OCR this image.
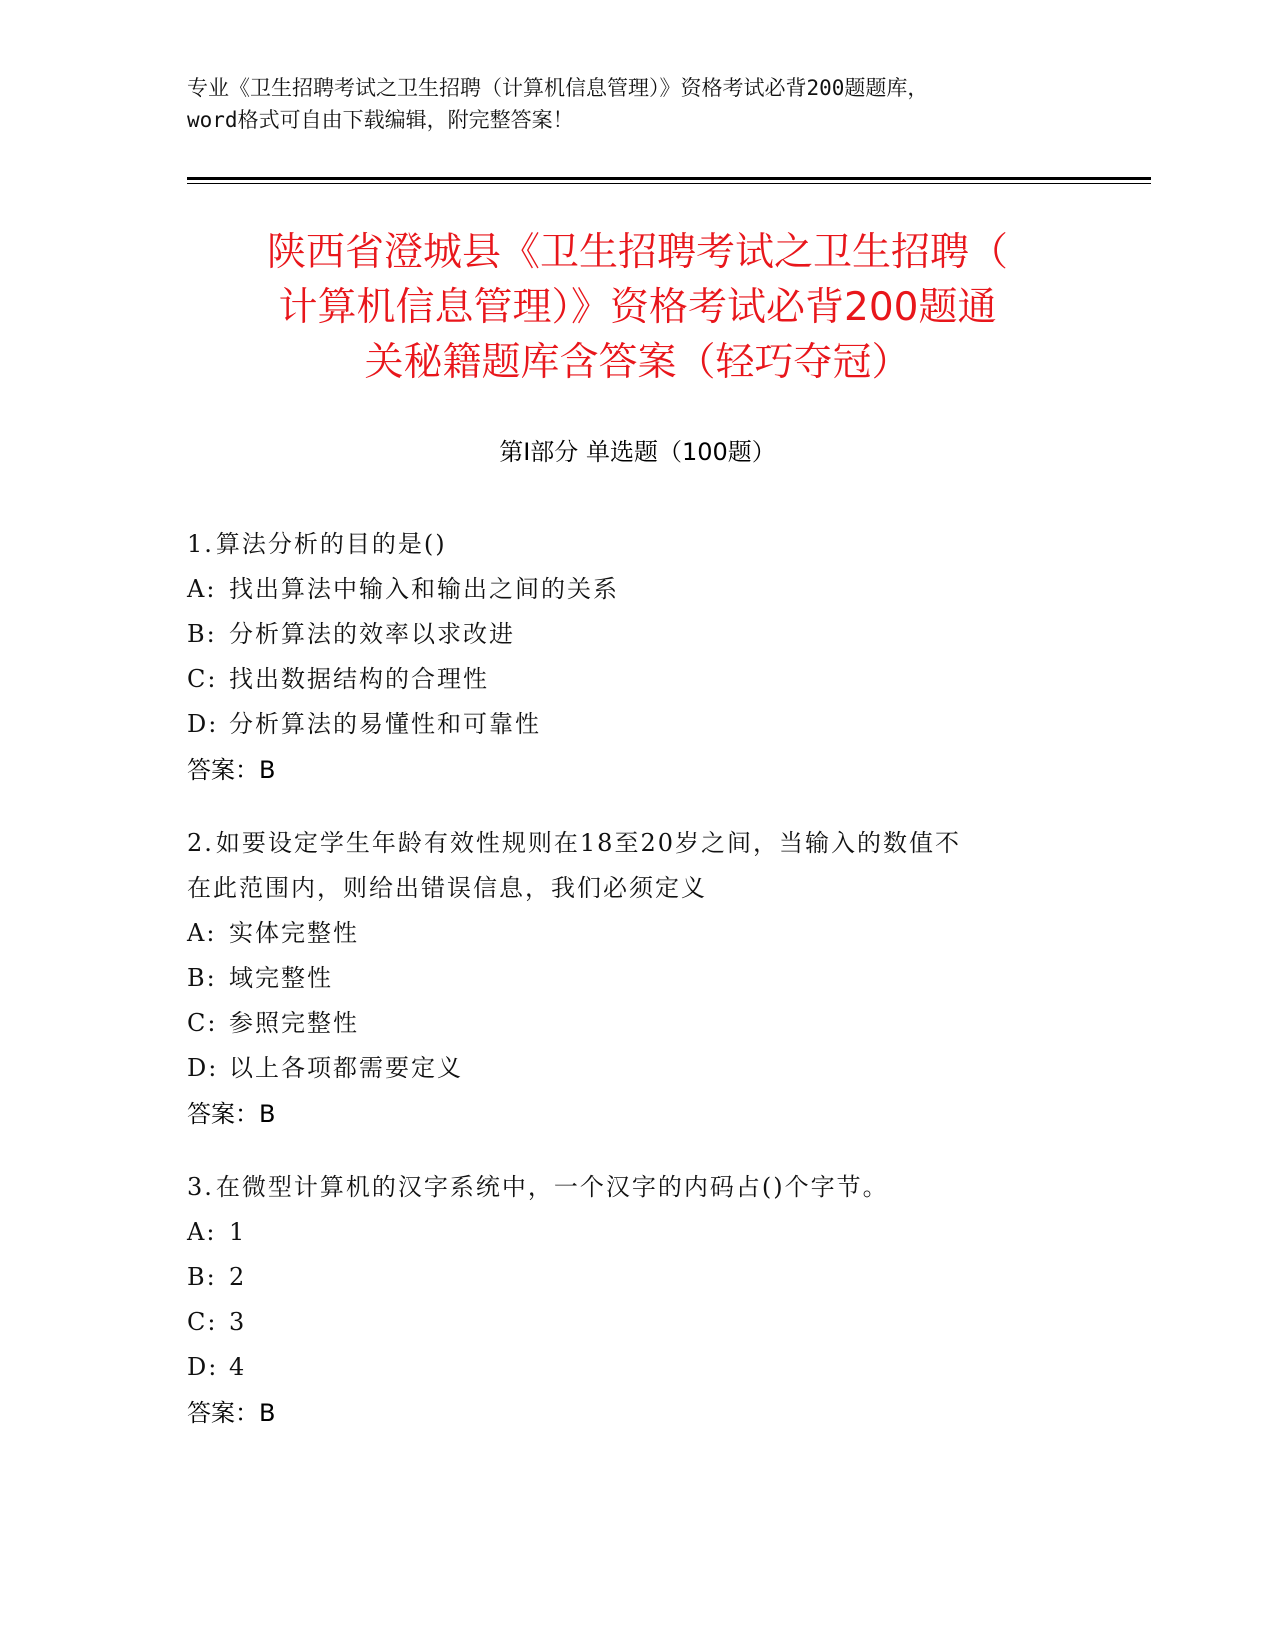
专业《卫生招聘考试之卫生招聘（计算机信息管理）》资格考试必背200题题库，
word格式可自由下载编辑，附完整答案！
陕西省澄城县《卫生招聘考试之卫生招聘（
计算机信息管理）》资格考试必背200题通
关秘籍题库含答案（轻巧夺冠）
第Ⅰ部分 单选题（100题）
1.算法分析的目的是()
A: 找出算法中输入和输出之间的关系
B: 分析算法的效率以求改进
C: 找出数据结构的合理性
D: 分析算法的易懂性和可靠性
答案：B
2.如要设定学生年龄有效性规则在18至20岁之间，当输入的数值不
在此范围内，则给出错误信息，我们必须定义
A: 实体完整性
B: 域完整性
C: 参照完整性
D: 以上各项都需要定义
答案：B
3.在微型计算机的汉字系统中，一个汉字的内码占()个字节。
A: 1
B: 2
C: 3
D: 4
答案：B
